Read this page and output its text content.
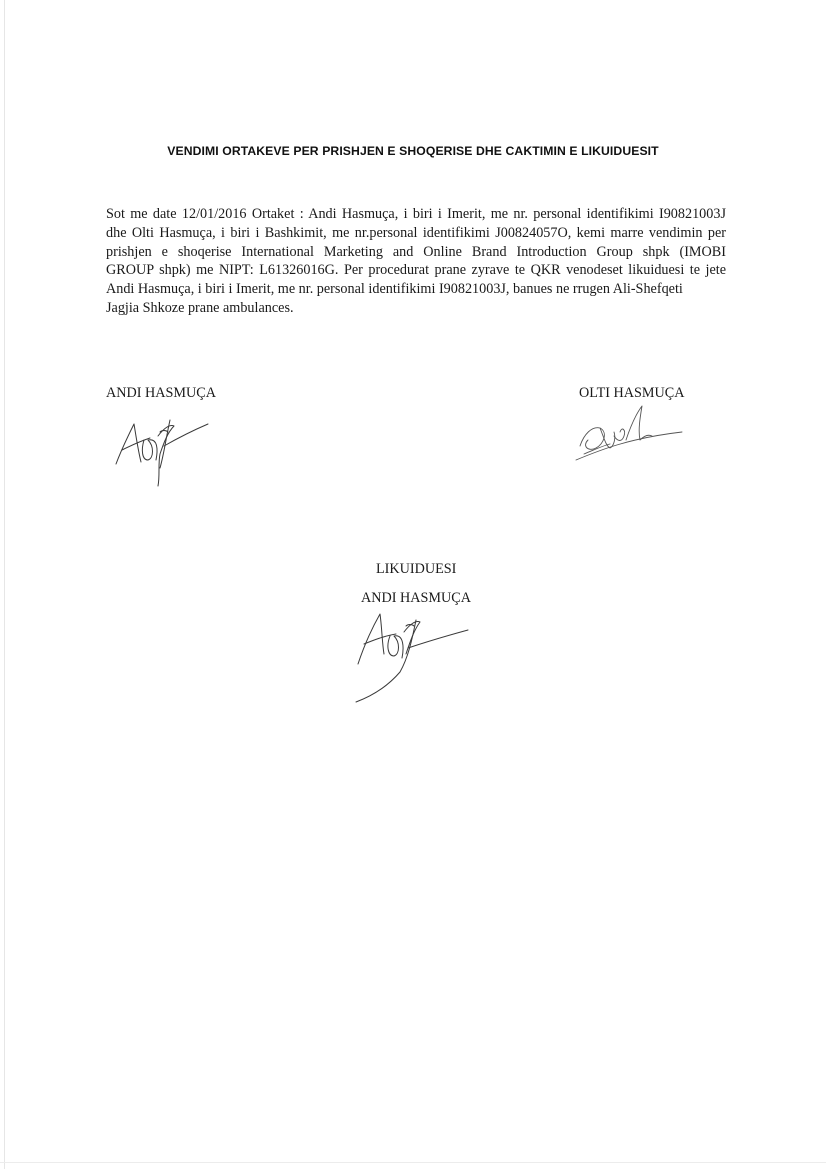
VENDIMI ORTAKEVE PER PRISHJEN E SHOQERISE DHE CAKTIMIN E LIKUIDUESIT
Sot me date 12/01/2016 Ortaket : Andi Hasmuça, i biri i Imerit, me nr. personal identifikimi I90821003J
dhe Olti Hasmuça, i biri i Bashkimit, me nr.personal identifikimi J00824057O, kemi marre vendimin per
prishjen e shoqerise International Marketing and Online Brand Introduction Group shpk (IMOBI
GROUP shpk) me NIPT: L61326016G. Per procedurat prane zyrave te QKR venodeset likuiduesi te jete
Andi Hasmuça, i biri i Imerit, me nr. personal identifikimi I90821003J, banues ne rrugen Ali-Shefqeti
Jagjia Shkoze prane ambulances.
ANDI HASMUÇA	OLTI HASMUÇA
LIKUIDUESI
ANDI HASMUÇA
